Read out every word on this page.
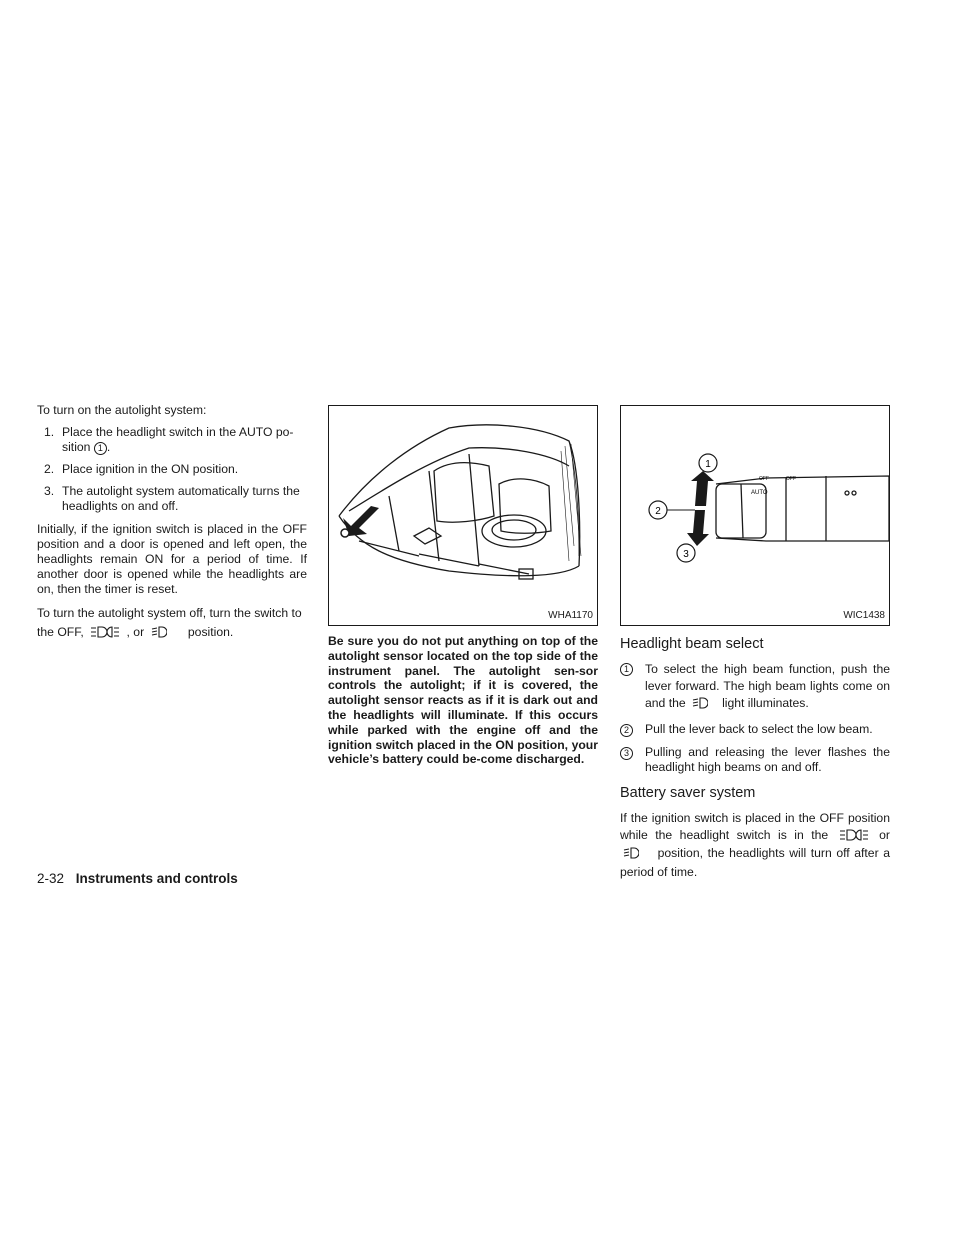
To turn on the autolight system:

1. Place the headlight switch in the AUTO po-sition 1 .
2. Place ignition in the ON position.
3. The autolight system automatically turns the headlights on and off.

Initially, if the ignition switch is placed in the OFF position and a door is opened and left open, the headlights remain ON for a period of time. If another door is opened while the headlights are on, then the timer is reset.

To turn the autolight system off, turn the switch to the OFF,	, or	position.

WHA1170
Be sure you do not put anything on top of the autolight sensor located on the top side of the instrument panel. The autolight sen-sor controls the autolight; if it is covered, the autolight sensor reacts as if it is dark out and the headlights will illuminate. If this occurs while parked with the engine off and the ignition switch placed in the ON position, your vehicle’s battery could be-come discharged.
AUTO
OFF	OFF
1
2
3
WIC1438
Headlight beam select
1	To select the high beam function, push the lever forward. The high beam lights come on and the	light illuminates.
2	Pull the lever back to select the low beam.
3	Pulling and releasing the lever flashes the headlight high beams on and off.
Battery saver system

If the ignition switch is placed in the OFF position while the headlight switch is in the	or  position, the headlights will turn off after a period of time.

2-32 Instruments and controls
